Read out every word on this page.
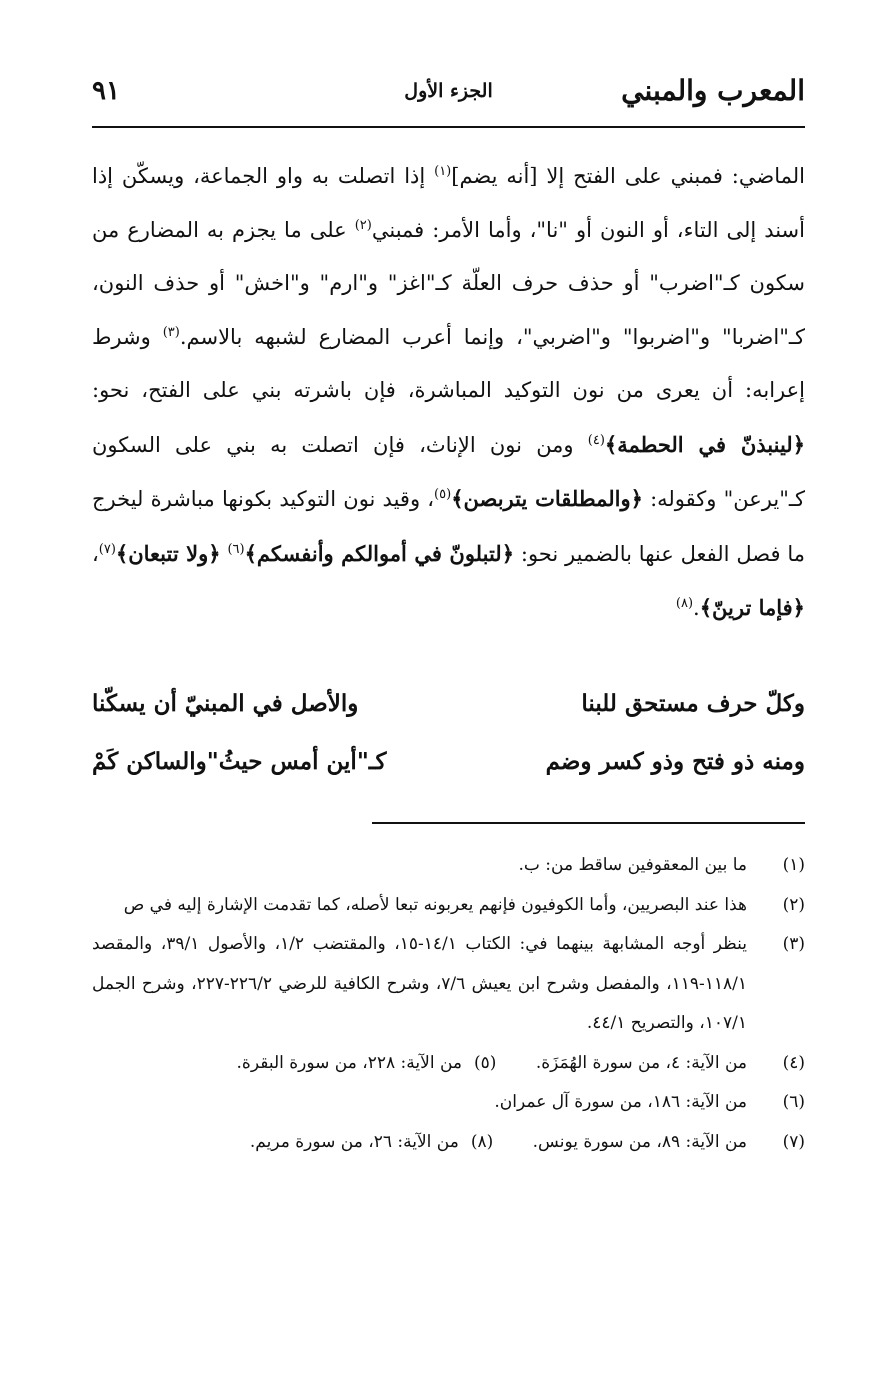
المعرب والمبني
الجزء الأول
٩١

الماضي: فمبني على الفتح إلا [أنه يضم]$^{(١)}$ إذا اتصلت به واو الجماعة، ويسكّن إذا أسند إلى التاء، أو النون أو "نا"، وأما الأمر: فمبني$^{(٢)}$ على ما يجزم به المضارع من سكون كـ"اضرب" أو حذف حرف العلّة كـ"اغز" و"ارم" و"اخش" أو حذف النون، كـ"اضربا" و"اضربوا" و"اضربي"، وإنما أعرب المضارع لشبهه بالاسم.$^{(٣)}$ وشرط إعرابه: أن يعرى من نون التوكيد المباشرة، فإن باشرته بني على الفتح، نحو: ﴿لينبذنّ في الحطمة﴾$^{(٤)}$ ومن نون الإناث، فإن اتصلت به بني على السكون كـ"يرعن" وكقوله: ﴿والمطلقات يتربصن﴾$^{(٥)}$، وقيد نون التوكيد بكونها مباشرة ليخرج ما فصل الفعل عنها بالضمير نحو: ﴿لتبلونّ في أموالكم وأنفسكم﴾$^{(٦)}$ ﴿ولا تتبعان﴾$^{(٧)}$، ﴿فإما ترينّ﴾.$^{(٨)}$

وكلّ حرف مستحق للبنا
والأصل في المبنيّ أن يسكّنا
ومنه ذو فتح وذو كسر وضم
كـ"أين أمس حيثُ"والساكن كَمْ
(١)
ما بين المعقوفين ساقط من: ب.
(٢)
هذا عند البصريين، وأما الكوفيون فإنهم يعربونه تبعا لأصله، كما تقدمت الإشارة إليه في ص
(٣)
ينظر أوجه المشابهة بينهما في: الكتاب ١٤/١-١٥، والمقتضب ١/٢، والأصول ٣٩/١، والمقصد ١١٨/١-١١٩، والمفصل وشرح ابن يعيش ٧/٦، وشرح الكافية للرضي ٢٢٦/٢-٢٢٧، وشرح الجمل ١٠٧/١، والتصريح ٤٤/١.
(٤)
من الآية: ٤، من سورة الهُمَزَة. (٥)من الآية: ٢٢٨، من سورة البقرة.
(٦)
من الآية: ١٨٦، من سورة آل عمران.
(٧)
من الآية: ٨٩، من سورة يونس. (٨)من الآية: ٢٦، من سورة مريم.
